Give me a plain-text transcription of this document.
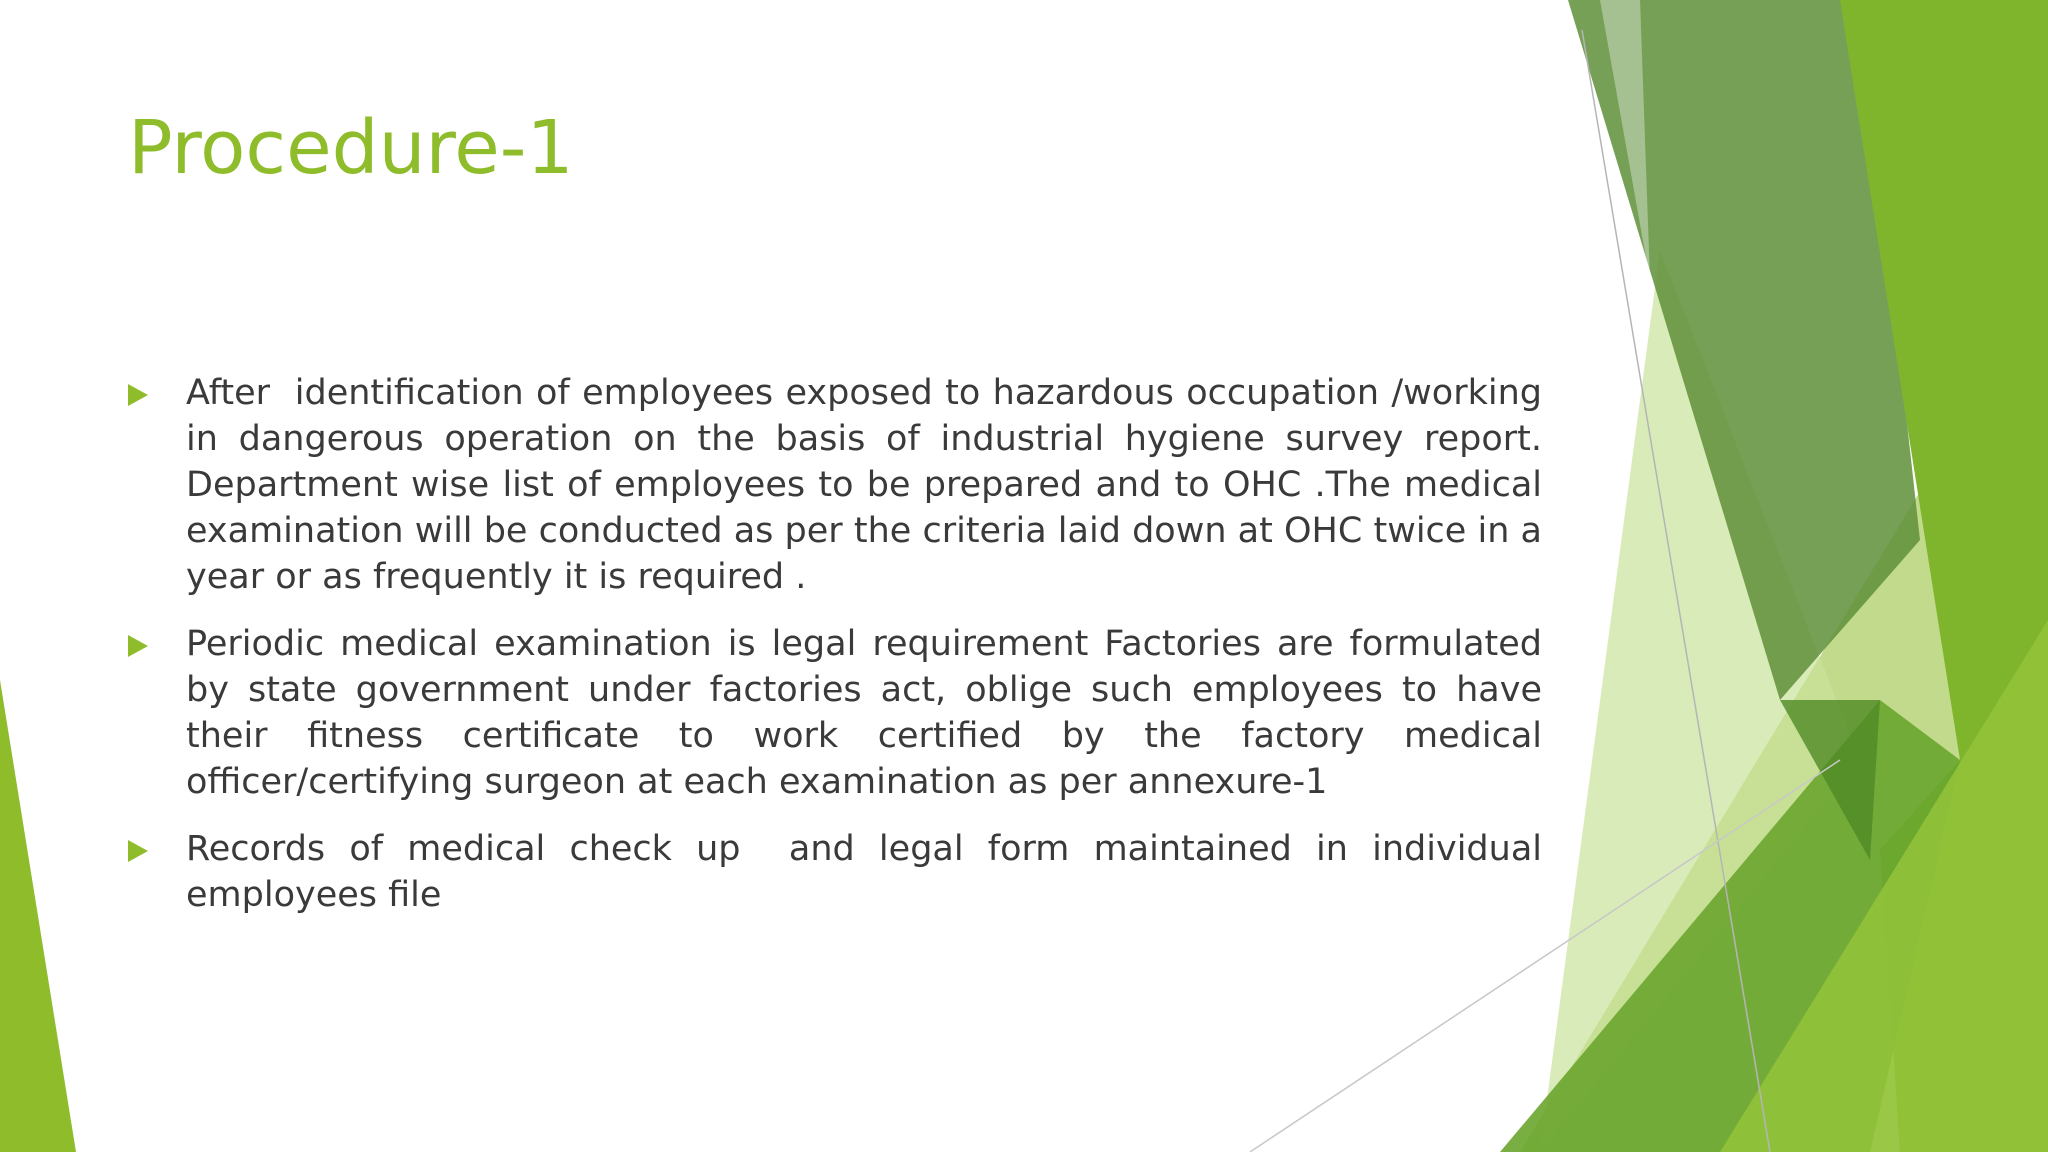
Procedure-1

After  identification of employees exposed to hazardous occupation /working in dangerous operation on the basis of industrial hygiene survey report. Department wise list of employees to be prepared and to OHC .The medical examination will be conducted as per the criteria laid down at OHC twice in a year or as frequently it is required .

Periodic medical examination is legal requirement Factories are formulated by state government under factories act, oblige such employees to have their fitness certificate to work certified by the factory medical officer/certifying surgeon at each examination as per annexure-1

Records of medical check up  and legal form maintained in individual employees file
